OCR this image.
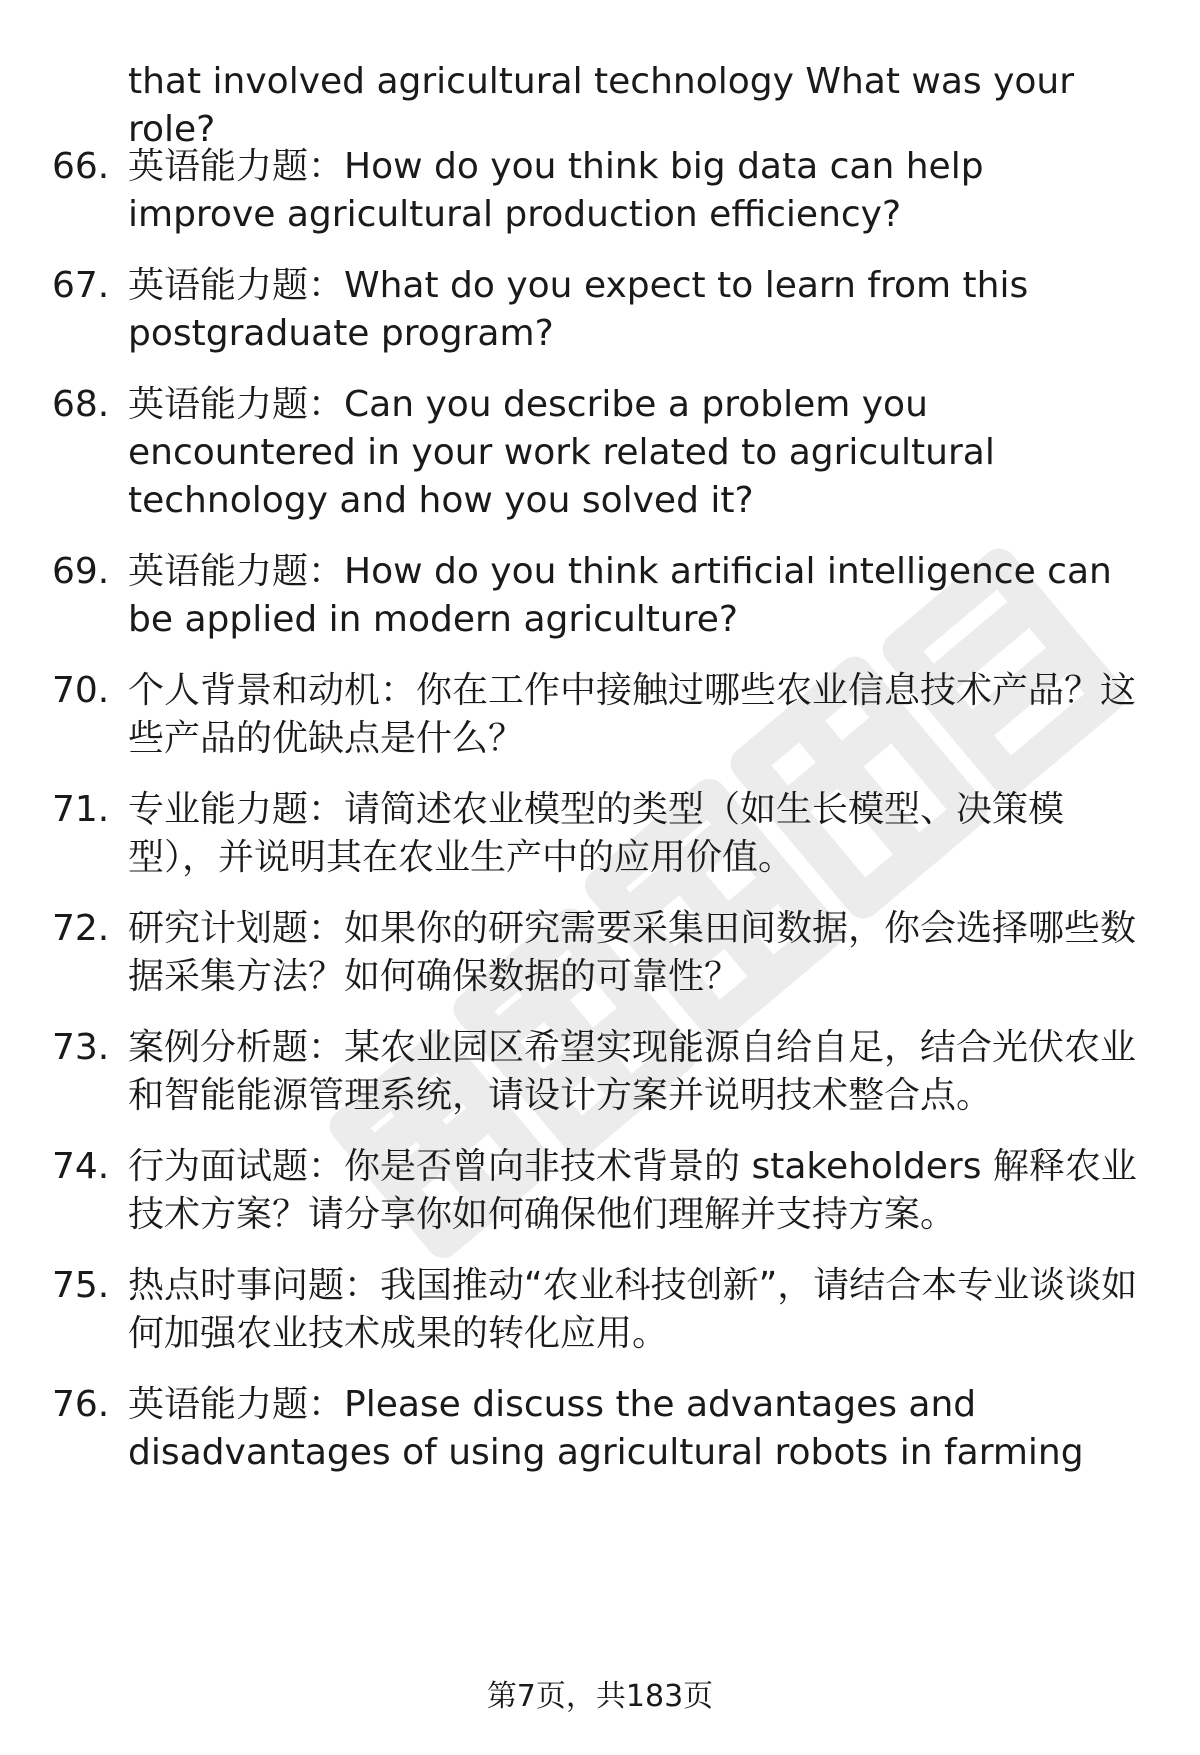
that involved agricultural technology What was your role?
66. 英语能力题：How do you think big data can help improve agricultural production efficiency?
67. 英语能力题：What do you expect to learn from this postgraduate program?
68. 英语能力题：Can you describe a problem you encountered in your work related to agricultural technology and how you solved it?
69. 英语能力题：How do you think artificial intelligence can be applied in modern agriculture?
70. 个人背景和动机：你在工作中接触过哪些农业信息技术产品？这些产品的优缺点是什么？
71. 专业能力题：请简述农业模型的类型（如生长模型、决策模型），并说明其在农业生产中的应用价值。
72. 研究计划题：如果你的研究需要采集田间数据，你会选择哪些数据采集方法？如何确保数据的可靠性？
73. 案例分析题：某农业园区希望实现能源自给自足，结合光伏农业和智能能源管理系统，请设计方案并说明技术整合点。
74. 行为面试题：你是否曾向非技术背景的 stakeholders 解释农业技术方案？请分享你如何确保他们理解并支持方案。
75. 热点时事问题：我国推动“农业科技创新”，请结合本专业谈谈如何加强农业技术成果的转化应用。
76. 英语能力题：Please discuss the advantages and disadvantages of using agricultural robots in farming
第7页，共183页
